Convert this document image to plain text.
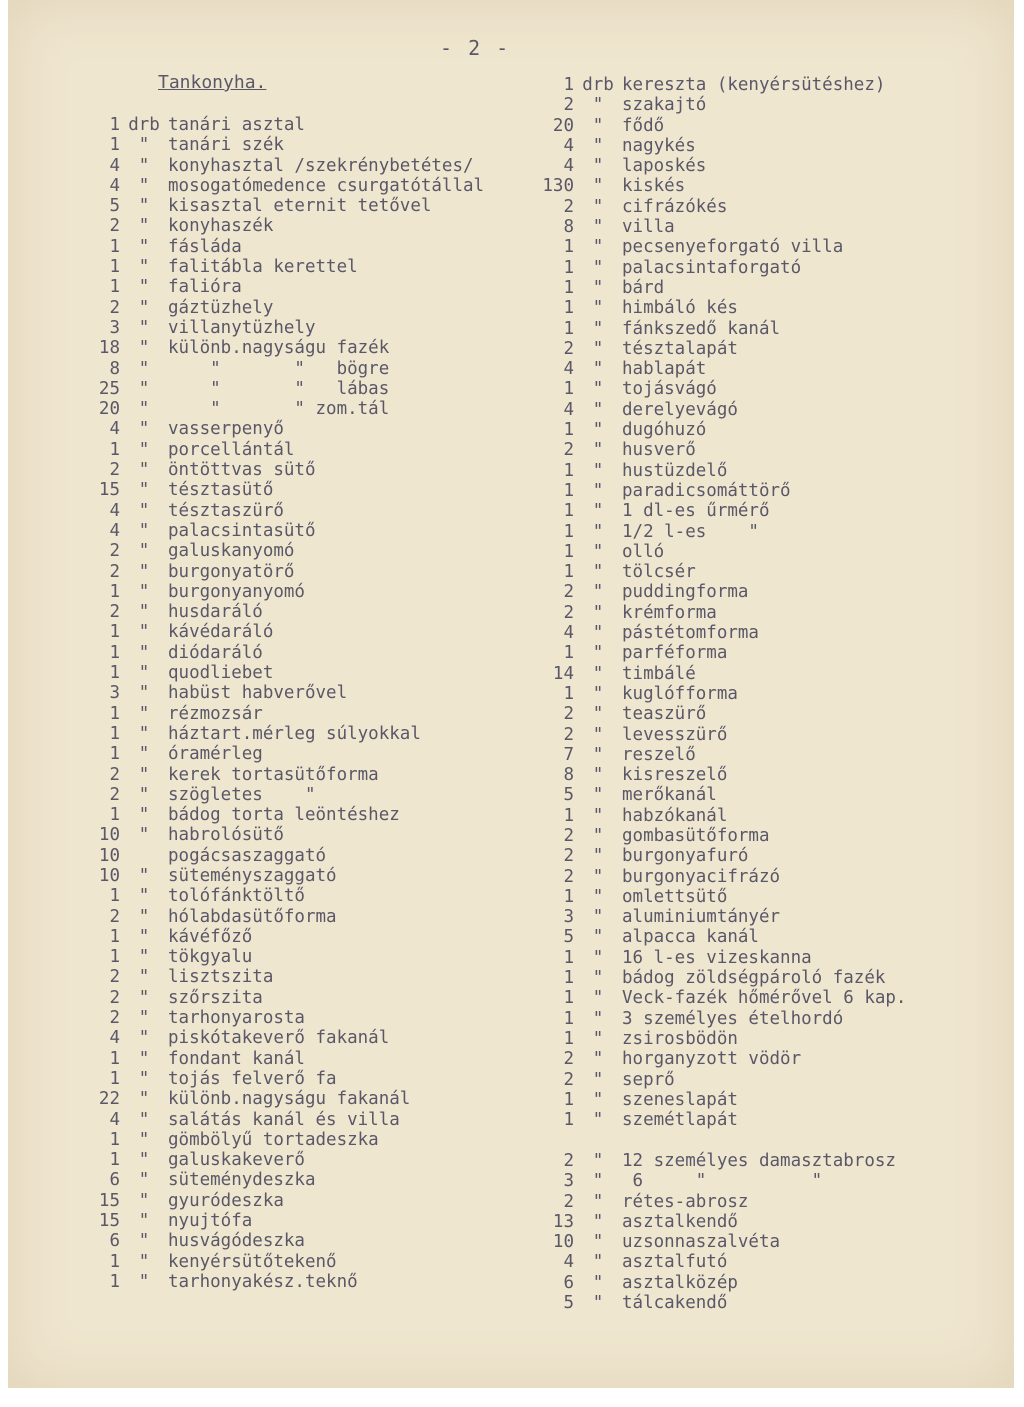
- 2 -
Tankonyha.
1 drb tanári asztal
1	"	tanári szék
4	"	konyhasztal /szekrénybetétes/
4	"	mosogatómedence csurgatótállal
5	"	kisasztal eternit tetővel
2	"	konyhaszék
1	"	fásláda
1	"	falitábla kerettel
1	"	falióra
2	"	gáztüzhely
3	"	villanytüzhely
18	"	különb.nagyságu fazék
8	"	"       "   bögre
25	"	"       "   lábas
20	"	"       " zom.tál
4	"	vasserpenyő
1	"	porcellántál
2	"	öntöttvas sütő
15	"	tésztasütő
4	"	tésztaszürő
4	"	palacsintasütő
2	"	galuskanyomó
2	"	burgonyatörő
1	"	burgonyanyomó
2	"	husdaráló
1	"	kávédaráló
1	"	diódaráló
1	"	quodliebet
3	"	habüst habverővel
1	"	rézmozsár
1	"	háztart.mérleg súlyokkal
1	"	óramérleg
2	"	kerek tortasütőforma
2	"	szögletes    "
1	"	bádog torta leöntéshez
10	"	habrolósütő
10	pogácsaszaggató
10	"	süteményszaggató
1	"	tolófánktöltő
2	"	hólabdasütőforma
1	"	kávéfőző
1	"	tökgyalu
2	"	lisztszita
2	"	szőrszita
2	"	tarhonyarosta
4	"	piskótakeverő fakanál
1	"	fondant kanál
1	"	tojás felverő fa
22	"	különb.nagyságu fakanál
4	"	salátás kanál és villa
1	"	gömbölyű tortadeszka
1	"	galuskakeverő
6	"	süteménydeszka
15	"	gyuródeszka
15	"	nyujtófa
6	"	husvágódeszka
1	"	kenyérsütőtekenő
1	"	tarhonyakész.teknő
1 drb kereszta (kenyérsütéshez)
2	"	szakajtó
20	"	fődő
4	"	nagykés
4	"	laposkés
130	"	kiskés
2	"	cifrázókés
8	"	villa
1	"	pecsenyeforgató villa
1	"	palacsintaforgató
1	"	bárd
1	"	himbáló kés
1	"	fánkszedő kanál
2	"	tésztalapát
4	"	hablapát
1	"	tojásvágó
4	"	derelyevágó
1	"	dugóhuzó
2	"	husverő
1	"	hustüzdelő
1	"	paradicsomáttörő
1	"	1 dl-es űrmérő
1	"	1/2 l-es    "
1	"	olló
1	"	tölcsér
2	"	puddingforma
2	"	krémforma
4	"	pástétomforma
1	"	parféforma
14	"	timbálé
1	"	kuglófforma
2	"	teaszürő
2	"	levesszürő
7	"	reszelő
8	"	kisreszelő
5	"	merőkanál
1	"	habzókanál
2	"	gombasütőforma
2	"	burgonyafuró
2	"	burgonyacifrázó
1	"	omlettsütő
3	"	aluminiumtányér
5	"	alpacca kanál
1	"	16 l-es vizeskanna
1	"	bádog zöldségpároló fazék
1	"	Veck-fazék hőmérővel 6 kap.
1	"	3 személyes ételhordó
1	"	zsirosbödön
2	"	horganyzott vödör
2	"	seprő
1	"	szeneslapát
1	"	szemétlapát
2	"	12 személyes damasztabrosz
3	"	6     "          "
2	"	rétes-abrosz
13	"	asztalkendő
10	"	uzsonnaszalvéta
4	"	asztalfutó
6	"	asztalközép
5	"	tálcakendő
